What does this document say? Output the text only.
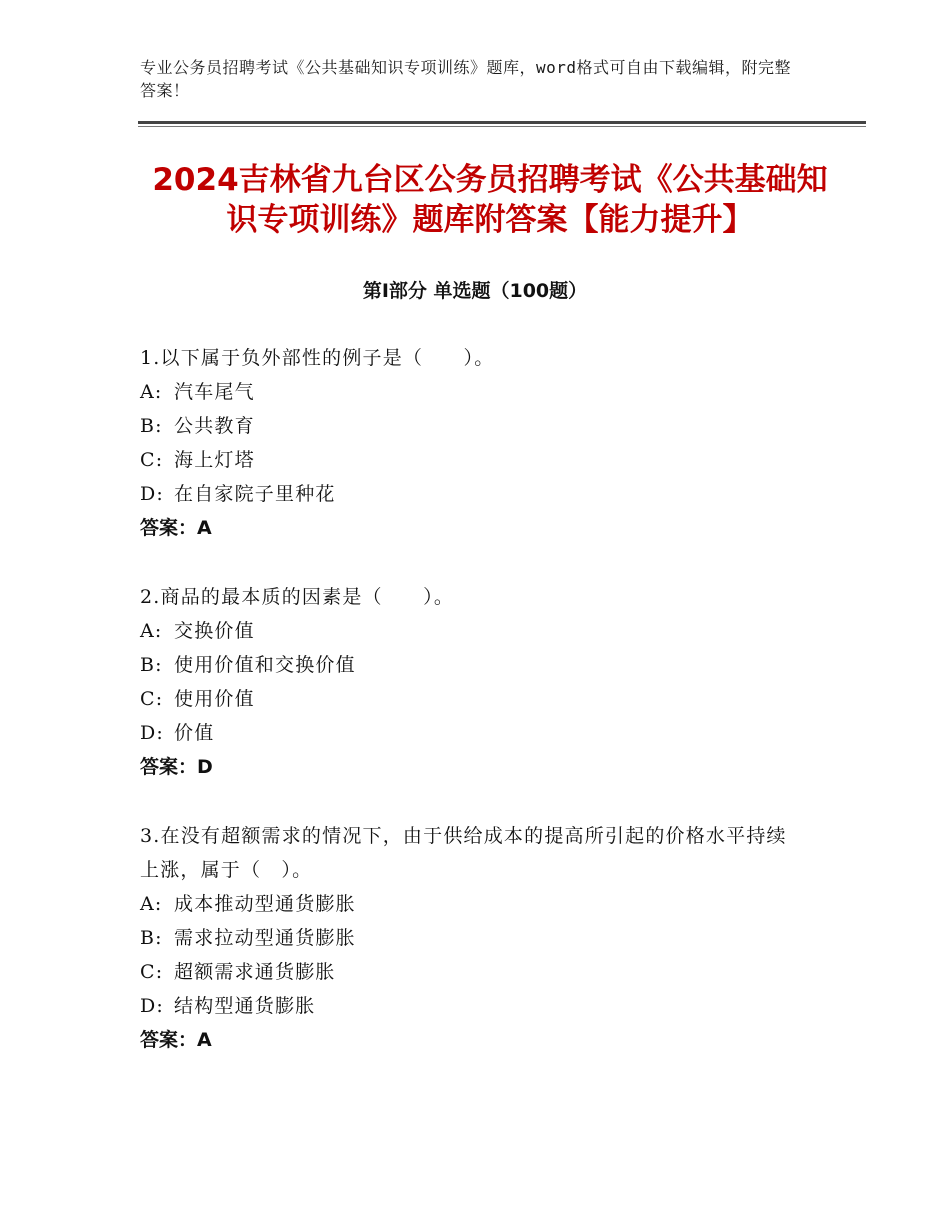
专业公务员招聘考试《公共基础知识专项训练》题库，word格式可自由下载编辑，附完整答案！
2024吉林省九台区公务员招聘考试《公共基础知识专项训练》题库附答案【能力提升】
第Ⅰ部分 单选题（100题）
1.以下属于负外部性的例子是（　　）。
A: 汽车尾气
B: 公共教育
C: 海上灯塔
D: 在自家院子里种花
答案：A
2.商品的最本质的因素是（　　）。
A: 交换价值
B: 使用价值和交换价值
C: 使用价值
D: 价值
答案：D
3.在没有超额需求的情况下，由于供给成本的提高所引起的价格水平持续上涨，属于（　）。
A: 成本推动型通货膨胀
B: 需求拉动型通货膨胀
C: 超额需求通货膨胀
D: 结构型通货膨胀
答案：A
